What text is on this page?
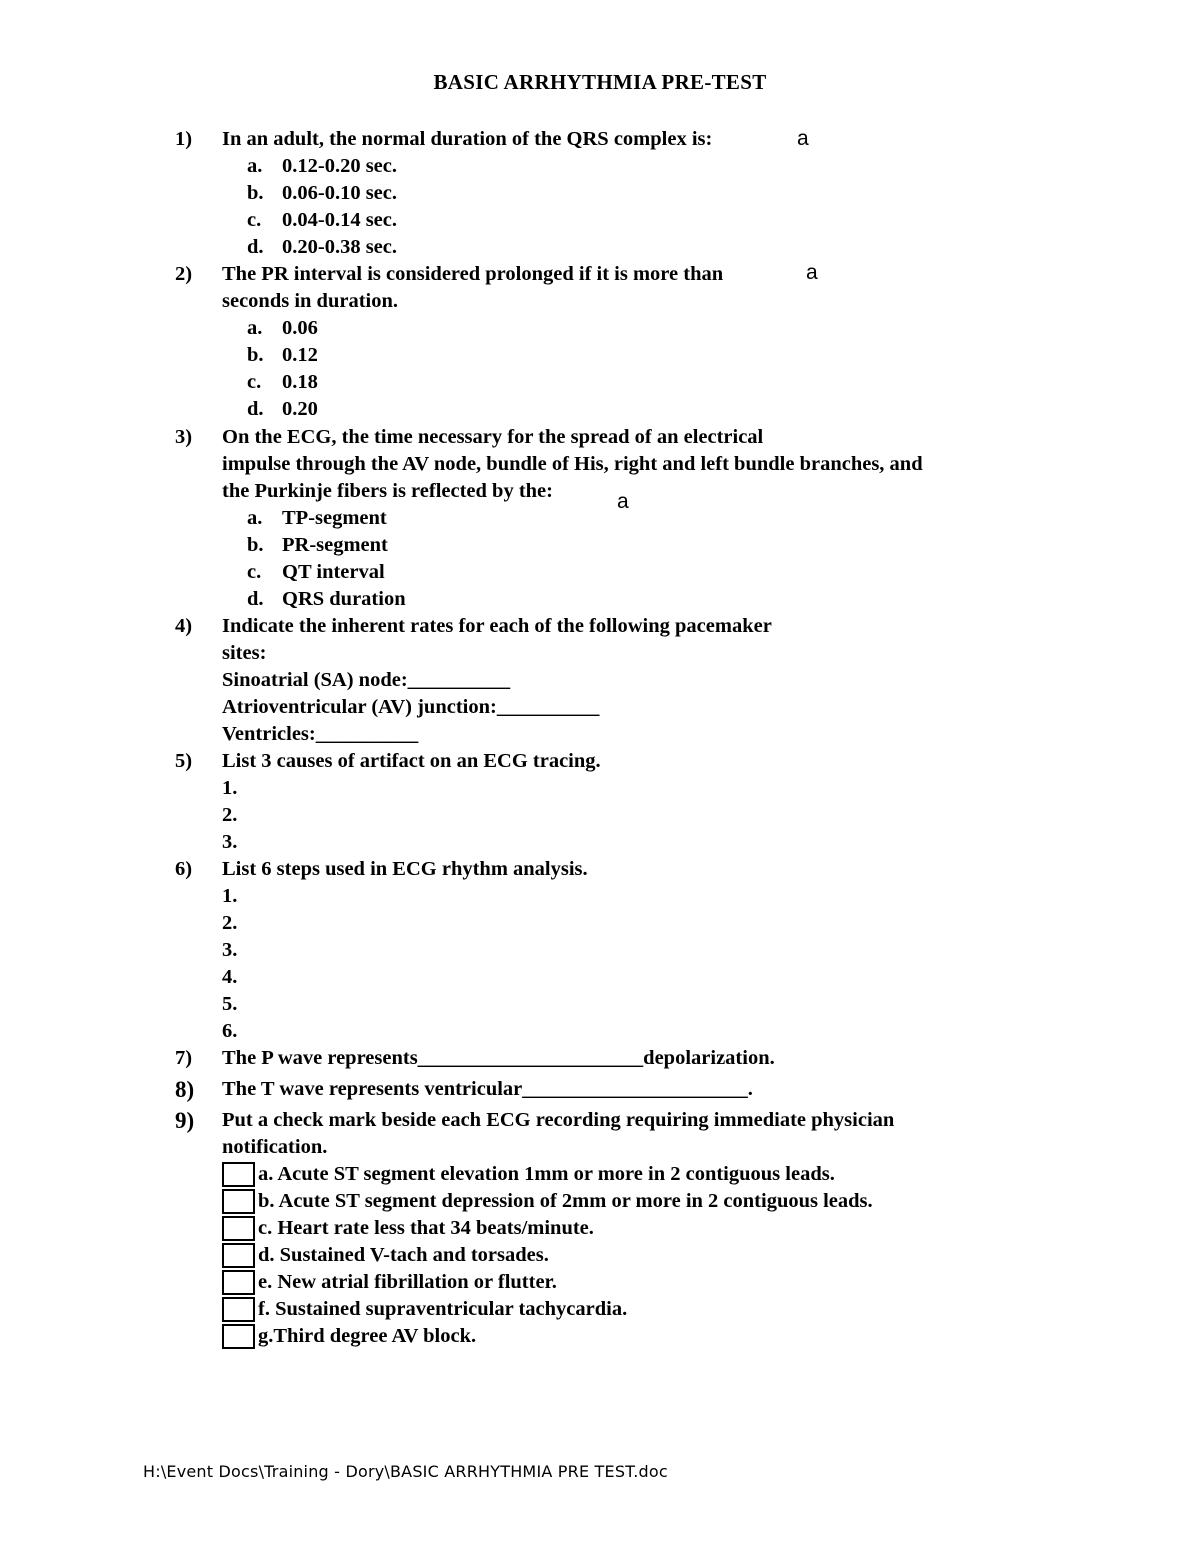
BASIC ARRHYTHMIA PRE-TEST
1)	In an adult, the normal duration of the QRS complex is:
a. 0.12-0.20 sec.
b. 0.06-0.10 sec.
c. 0.04-0.14 sec.
d. 0.20-0.38 sec.
a
2)	The PR interval is considered prolonged if it is more than
seconds in duration.
a. 0.06
b. 0.12
c. 0.18
d. 0.20
a
3)	On the ECG, the time necessary for the spread of an electrical
impulse through the AV node, bundle of His, right and left bundle branches, and
the Purkinje fibers is reflected by the:
a. TP-segment
b. PR-segment
c. QT interval
d. QRS duration
a
4)	Indicate the inherent rates for each of the following pacemaker
sites:
Sinoatrial (SA) node:__________
Atrioventricular (AV) junction:__________
Ventricles:__________
5)	List 3 causes of artifact on an ECG tracing.
1.
2.
3.
6)	List 6 steps used in ECG rhythm analysis.
1.
2.
3.
4.
5.
6.
7)	The P wave represents______________________depolarization.
8)	The T wave represents ventricular______________________.
9)	Put a check mark beside each ECG recording requiring immediate physician
notification.
a. Acute ST segment elevation 1mm or more in 2 contiguous leads.
b. Acute ST segment depression of 2mm or more in 2 contiguous leads.
c. Heart rate less that 34 beats/minute.
d. Sustained V-tach and torsades.
e. New atrial fibrillation or flutter.
f. Sustained supraventricular tachycardia.
g.Third degree AV block.
H:\Event Docs\Training - Dory\BASIC ARRHYTHMIA PRE TEST.doc
